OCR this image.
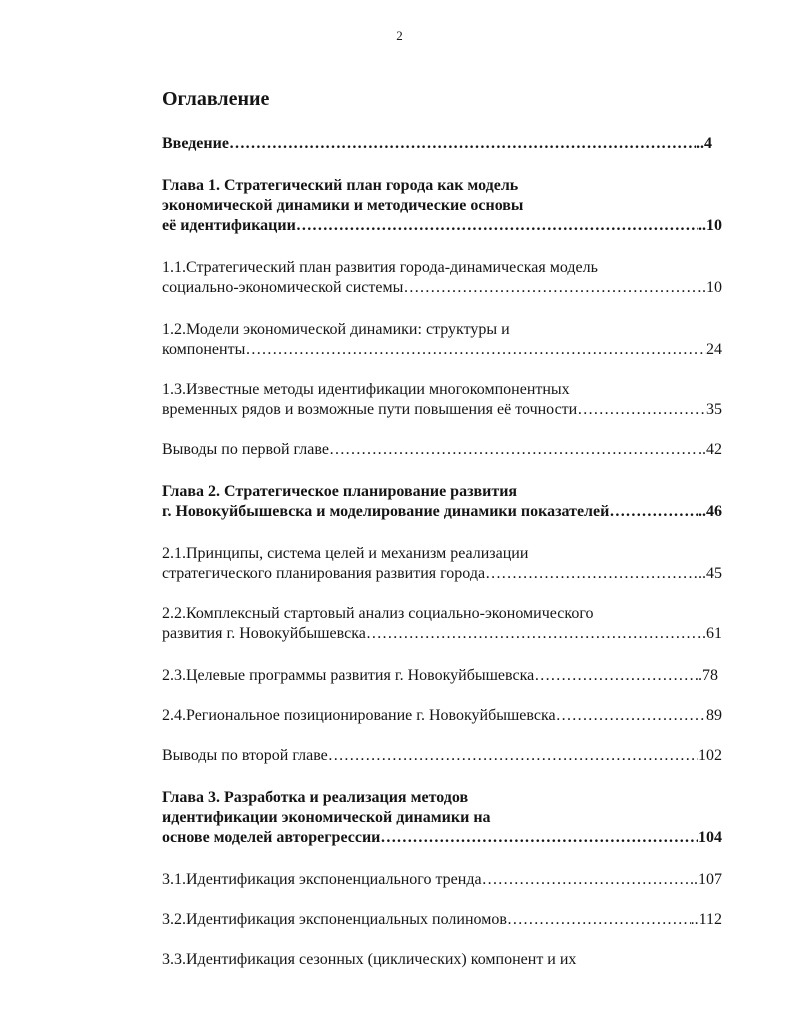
2
Оглавление
Введение ……………………………………………………………………………………………………………………………………………………………………………	..4
Глава 1. Стратегический план города как модель
экономической динамики и методические основы
её идентификации ……………………………………………………………………………………………………………………………………………………………………………	..10
1.1.Стратегический план развития города-динамическая модель
социально-экономической системы ……………………………………………………………………………………………………………………………………………………………………………	.10
1.2.Модели экономической динамики: структуры и
компоненты ……………………………………………………………………………………………………………………………………………………………………………	24
1.3.Известные методы идентификации многокомпонентных
временных рядов и возможные пути повышения её точности ……………………………………………………………………………………………………………………………………………………………………………	35
Выводы по первой главе ……………………………………………………………………………………………………………………………………………………………………………	..42
Глава 2. Стратегическое планирование развития
г. Новокуйбышевска и моделирование динамики показателей ……………………………………………………………………………………………………………………………………………………………………………	..46
2.1.Принципы, система целей и механизм реализации
стратегического планирования развития города ……………………………………………………………………………………………………………………………………………………………………………	..45
2.2.Комплексный стартовый анализ социально-экономического
развития г. Новокуйбышевска ……………………………………………………………………………………………………………………………………………………………………………	.61
2.3.Целевые программы развития г. Новокуйбышевска ……………………………………………………………………………………………………………………………………………………………………………	.78
2.4.Региональное позиционирование г. Новокуйбышевска ……………………………………………………………………………………………………………………………………………………………………………	89
Выводы по второй главе ……………………………………………………………………………………………………………………………………………………………………………	102
Глава 3. Разработка и реализация методов
идентификации экономической динамики на
основе моделей авторегрессии ……………………………………………………………………………………………………………………………………………………………………………	104
3.1.Идентификация экспоненциального тренда ……………………………………………………………………………………………………………………………………………………………………………	..107
3.2.Идентификация экспоненциальных полиномов ……………………………………………………………………………………………………………………………………………………………………………	..112
3.3.Идентификация сезонных (циклических) компонент и их
